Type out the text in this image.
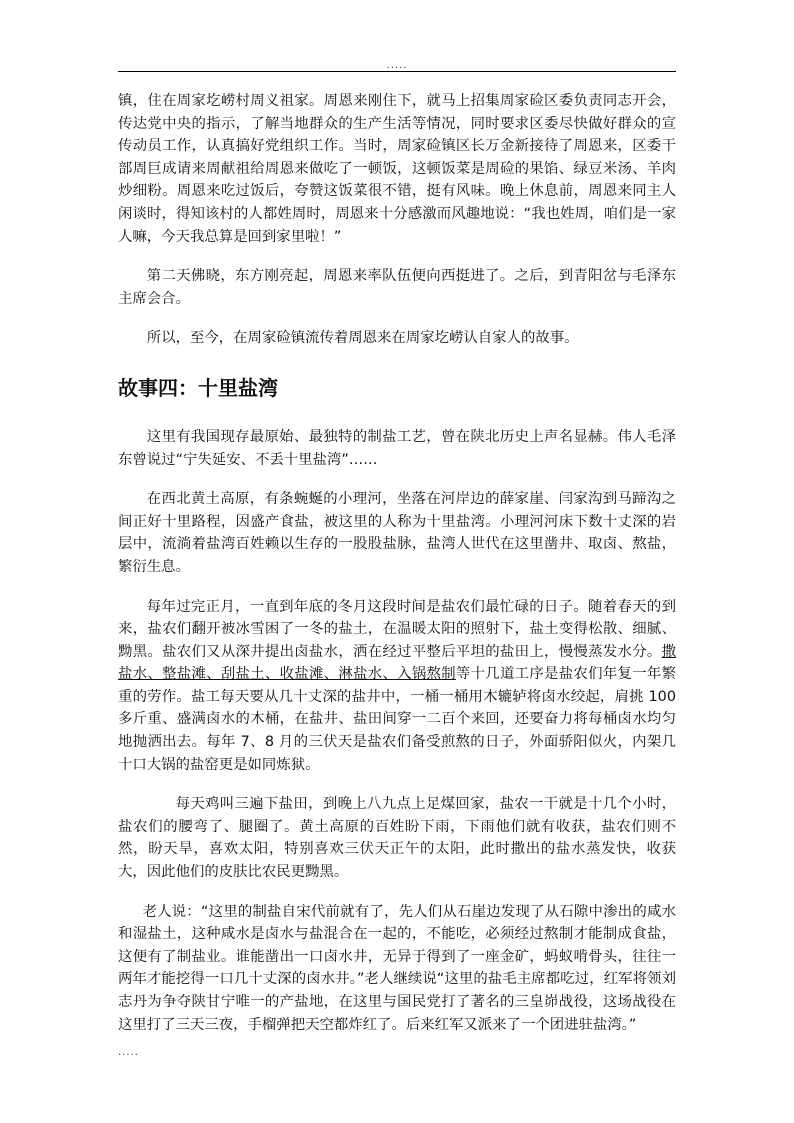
.....

镇，住在周家圪崂村周义祖家。周恩来刚住下，就马上招集周家硷区委负责同志开会，传达党中央的指示，了解当地群众的生产生活等情况，同时要求区委尽快做好群众的宣传动员工作，认真搞好党组织工作。当时，周家硷镇区长万金新接待了周恩来，区委干部周巨成请来周献祖给周恩来做吃了一顿饭，这顿饭菜是周硷的果馅、绿豆米汤、羊肉炒细粉。周恩来吃过饭后，夸赞这饭菜很不错，挺有风味。晚上休息前，周恩来同主人闲谈时，得知该村的人都姓周时，周恩来十分感激而风趣地说：“我也姓周，咱们是一家人嘛，今天我总算是回到家里啦！”

第二天佛晓，东方刚亮起，周恩来率队伍便向西挺进了。之后，到青阳岔与毛泽东主席会合。

所以，至今，在周家硷镇流传着周恩来在周家圪崂认自家人的故事。

故事四：十里盐湾

这里有我国现存最原始、最独特的制盐工艺，曾在陕北历史上声名显赫。伟人毛泽东曾说过“宁失延安、不丢十里盐湾”……

在西北黄土高原，有条蜿蜒的小理河，坐落在河岸边的薛家崖、闫家沟到马蹄沟之间正好十里路程，因盛产食盐，被这里的人称为十里盐湾。小理河河床下数十丈深的岩层中，流淌着盐湾百姓赖以生存的一股股盐脉，盐湾人世代在这里凿井、取卤、熬盐，繁衍生息。

每年过完正月，一直到年底的冬月这段时间是盐农们最忙碌的日子。随着春天的到来，盐农们翻开被冰雪困了一冬的盐土，在温暖太阳的照射下，盐土变得松散、细腻、黝黑。盐农们又从深井提出卤盐水，洒在经过平整后平坦的盐田上，慢慢蒸发水分。撒盐水、整盐滩、刮盐土、收盐滩、淋盐水、入锅熬制等十几道工序是盐农们年复一年繁重的劳作。盐工每天要从几十丈深的盐井中，一桶一桶用木辘轳将卤水绞起，肩挑 100 多斤重、盛满卤水的木桶，在盐井、盐田间穿一二百个来回，还要奋力将每桶卤水均匀地抛洒出去。每年 7、8 月的三伏天是盐农们备受煎熬的日子，外面骄阳似火，内架几十口大锅的盐窑更是如同炼狱。

每天鸡叫三遍下盐田，到晚上八九点上足煤回家，盐农一干就是十几个小时，盐农们的腰弯了、腿圈了。黄土高原的百姓盼下雨，下雨他们就有收获，盐农们则不然，盼天旱，喜欢太阳，特别喜欢三伏天正午的太阳，此时撒出的盐水蒸发快，收获大，因此他们的皮肤比农民更黝黑。

老人说：“这里的制盐自宋代前就有了，先人们从石崖边发现了从石隙中渗出的咸水和湿盐土，这种咸水是卤水与盐混合在一起的，不能吃，必须经过熬制才能制成食盐，这便有了制盐业。谁能凿出一口卤水井，无异于得到了一座金矿，蚂蚁啃骨头，往往一两年才能挖得一口几十丈深的卤水井。”老人继续说“这里的盐毛主席都吃过，红军将领刘志丹为争夺陕甘宁唯一的产盐地，在这里与国民党打了著名的三皇峁战役，这场战役在这里打了三天三夜，手榴弹把天空都炸红了。后来红军又派来了一个团进驻盐湾。”

.....
